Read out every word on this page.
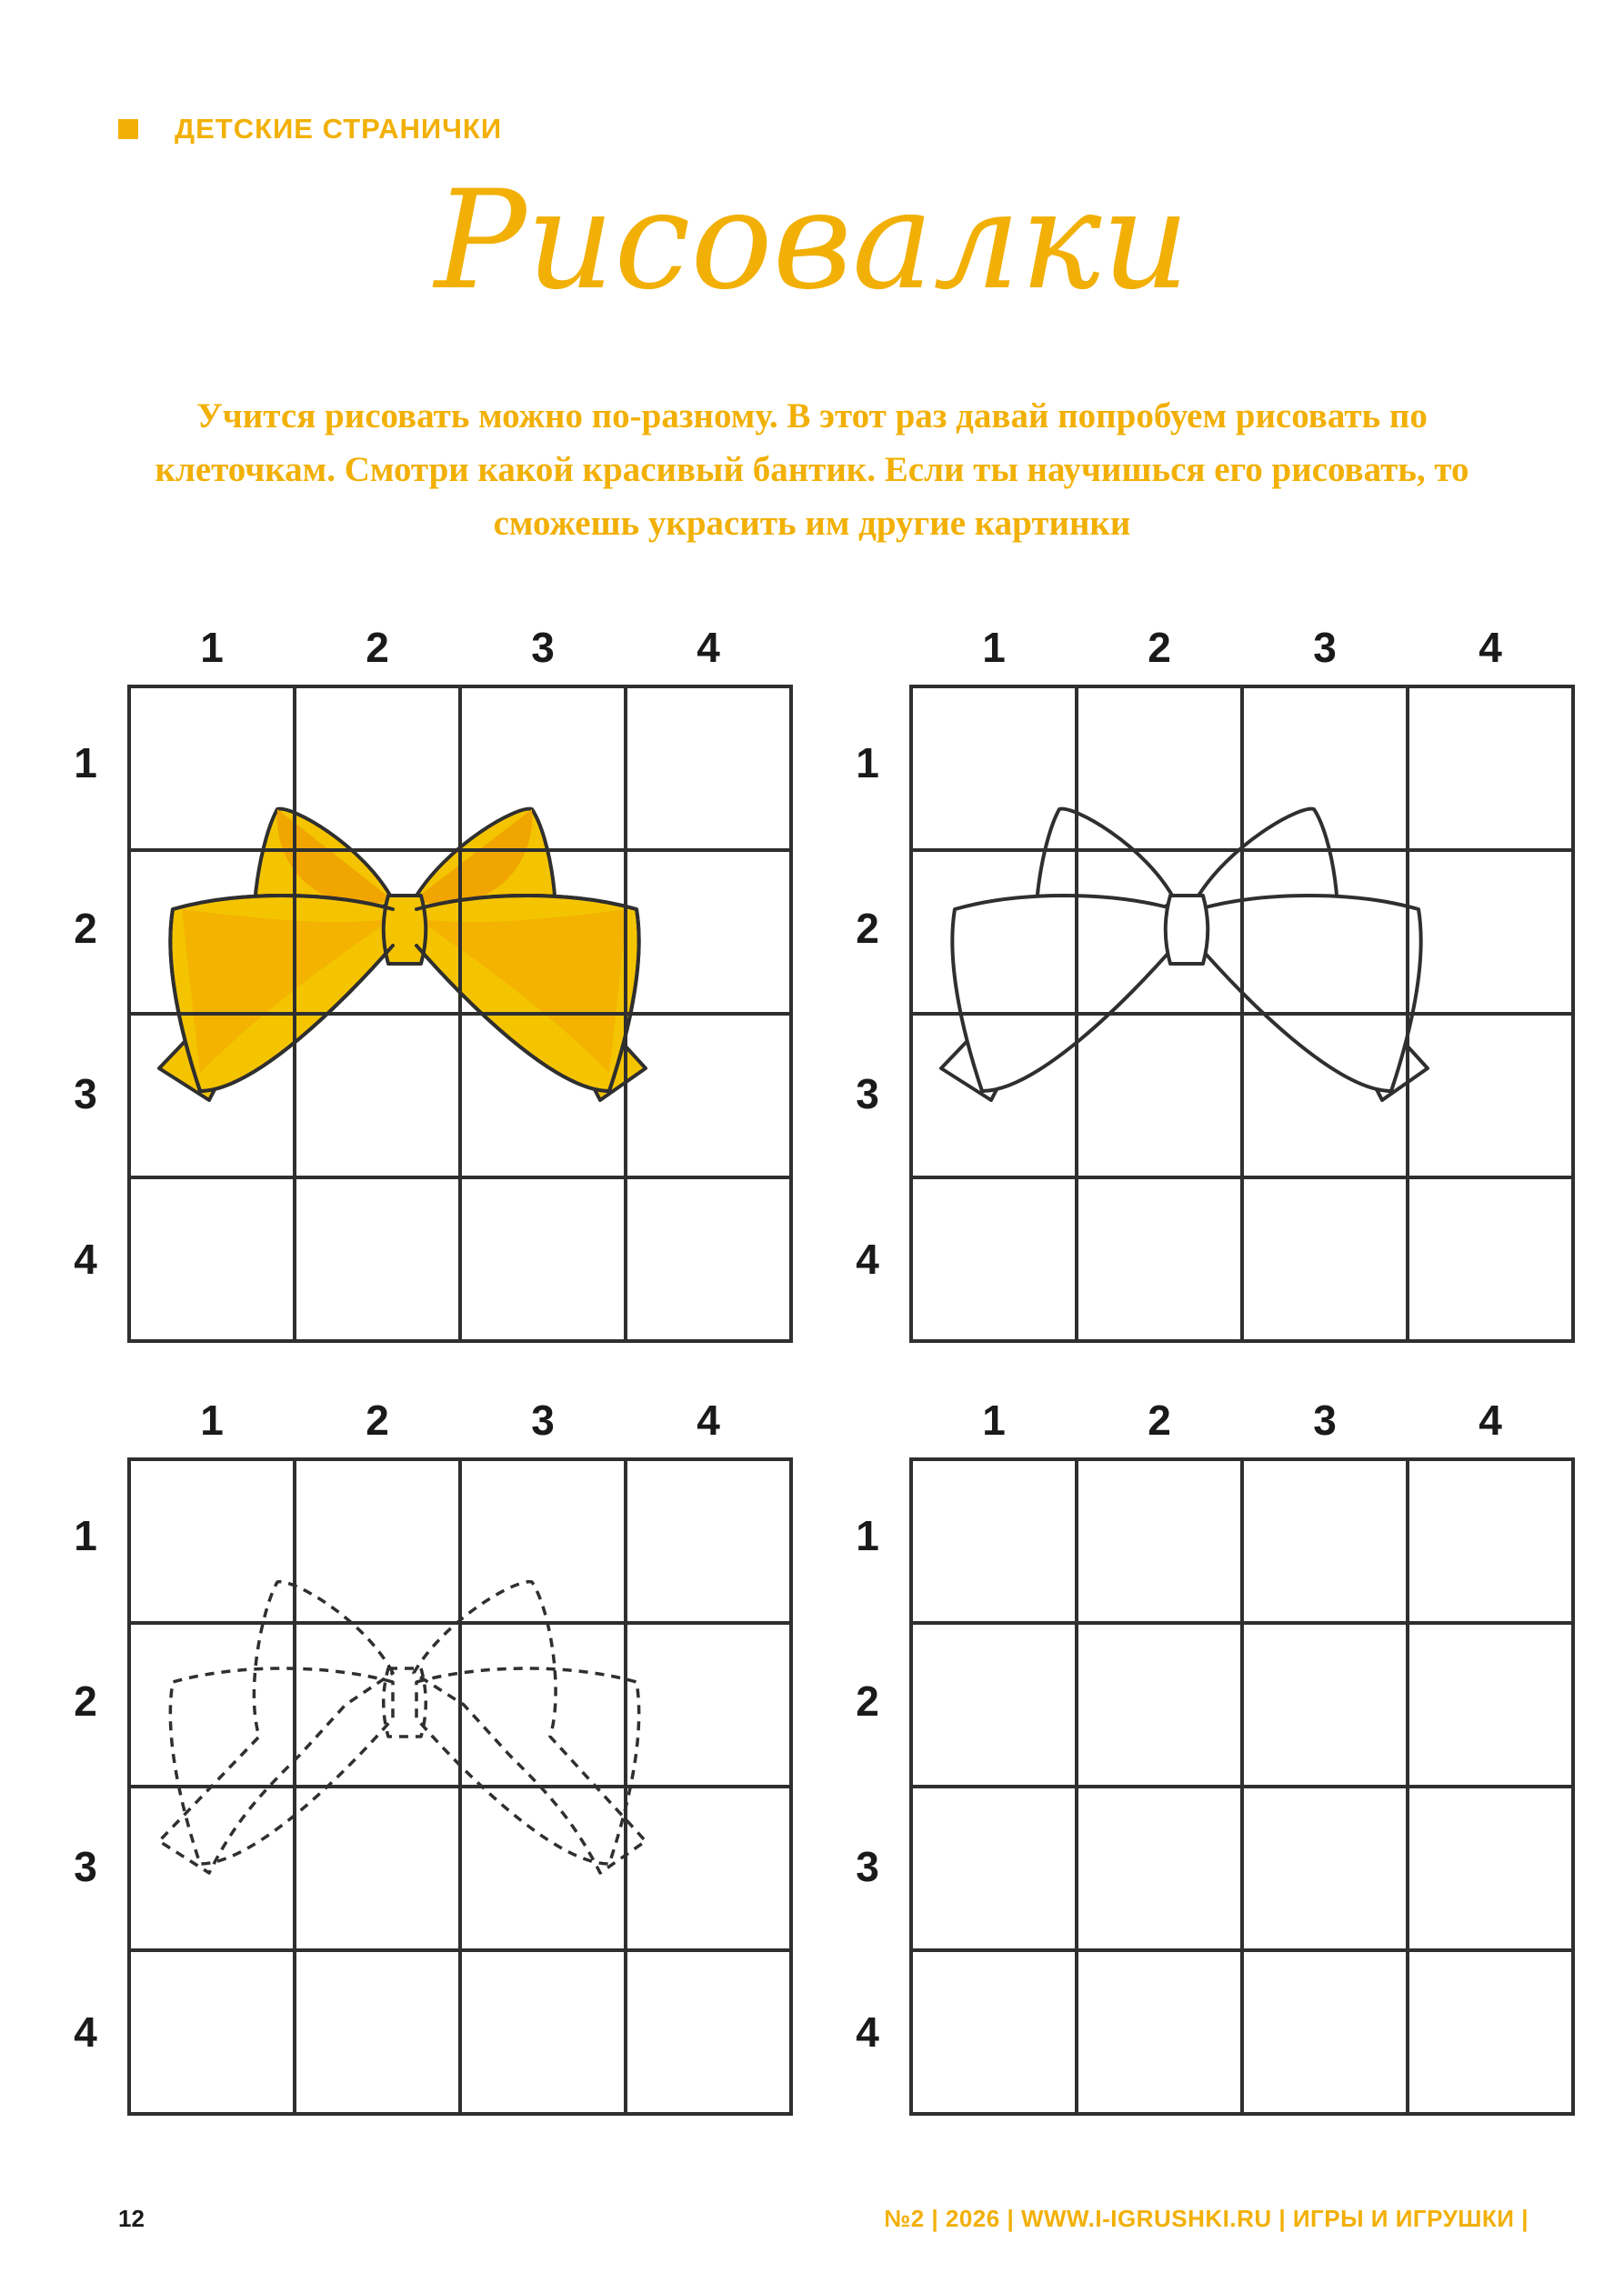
ДЕТСКИЕ СТРАНИЧКИ
Рисовалки
Учится рисовать можно по-разному. В этот раз давай попробуем рисовать по клеточкам. Смотри какой красивый бантик. Если ты научишься его рисовать, то сможешь украсить им другие картинки
1	2	3	4
1
2
3
4
1	2	3	4
1
2
3
4
1	2	3	4
1
2
3
4
1	2	3	4
1
2
3
4
12	№2 | 2026 | WWW.I-IGRUSHKI.RU | ИГРЫ И ИГРУШКИ |
